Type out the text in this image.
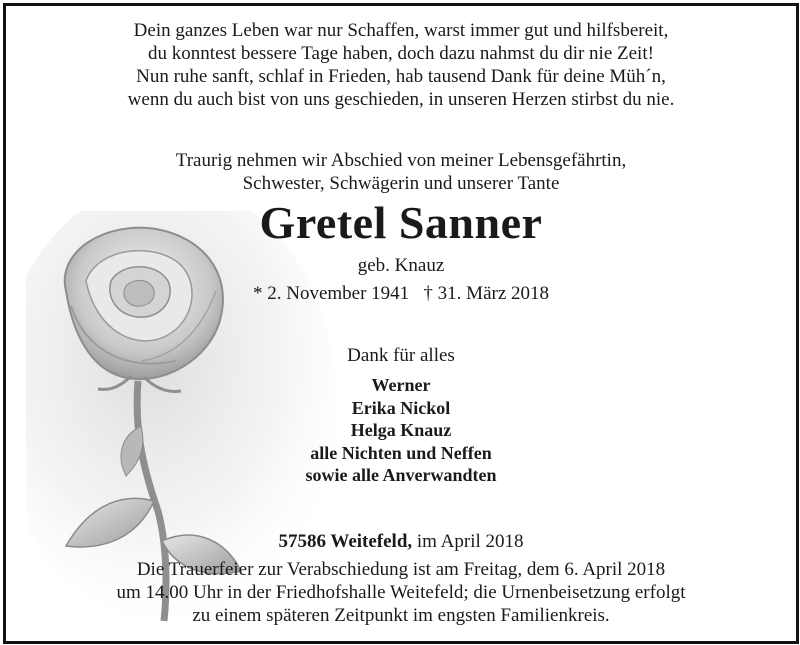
Dein ganzes Leben war nur Schaffen, warst immer gut und hilfsbereit,
du konntest bessere Tage haben, doch dazu nahmst du dir nie Zeit!
Nun ruhe sanft, schlaf in Frieden, hab tausend Dank für deine Müh´n,
wenn du auch bist von uns geschieden, in unseren Herzen stirbst du nie.
Traurig nehmen wir Abschied von meiner Lebensgefährtin,
Schwester, Schwägerin und unserer Tante
Gretel Sanner
geb. Knauz
* 2. November 1941   † 31. März 2018
Dank für alles
Werner
Erika Nickol
Helga Knauz
alle Nichten und Neffen
sowie alle Anverwandten
57586 Weitefeld, im April 2018
Die Trauerfeier zur Verabschiedung ist am Freitag, dem 6. April 2018
um 14.00 Uhr in der Friedhofshalle Weitefeld; die Urnenbeisetzung erfolgt
zu einem späteren Zeitpunkt im engsten Familienkreis.
